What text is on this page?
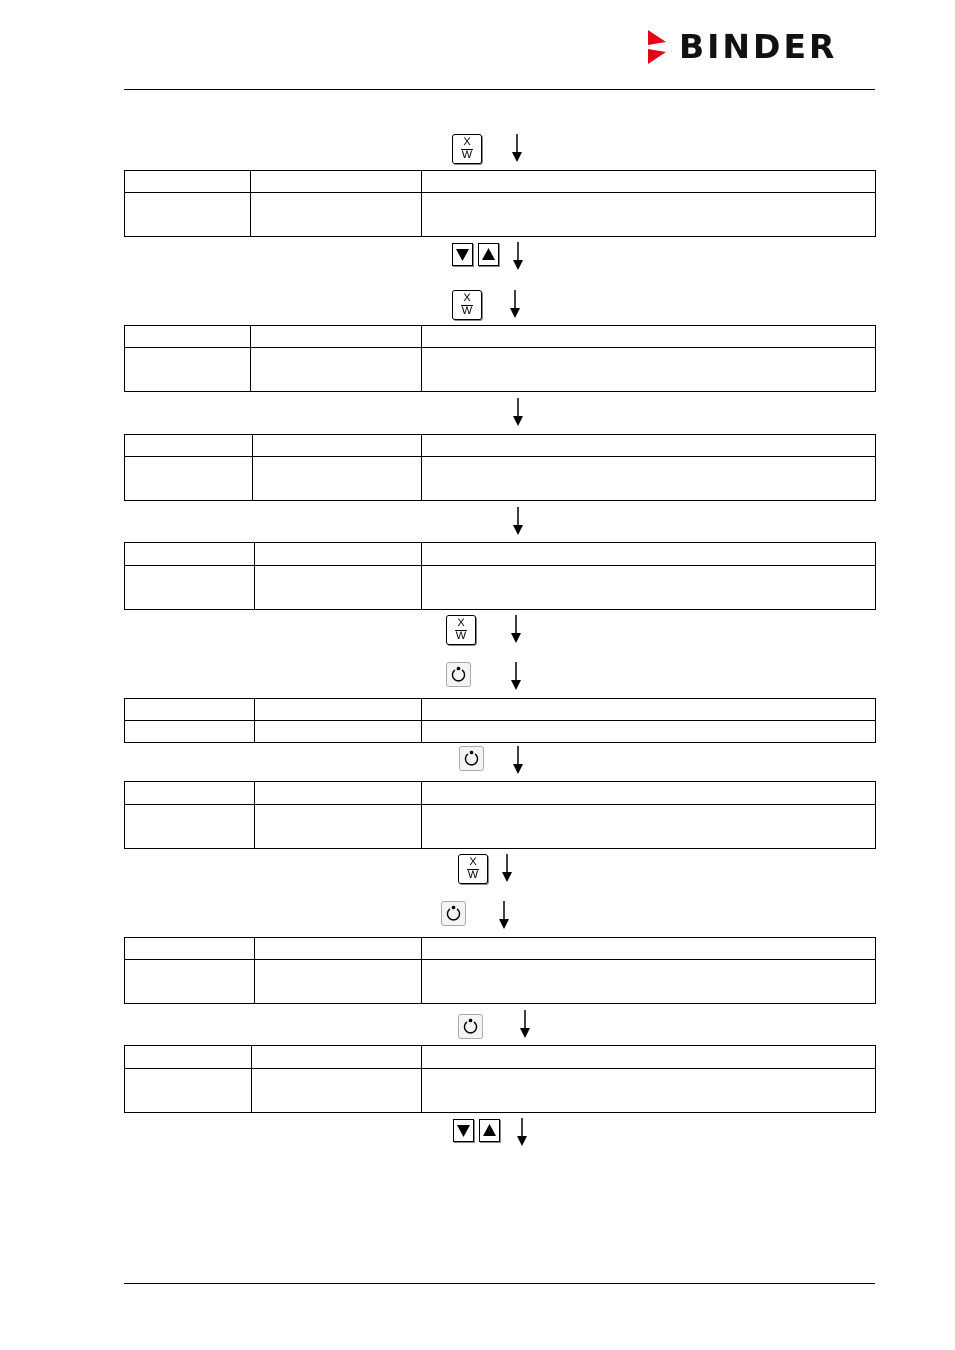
BINDER
X
W

X
W

X
W

X
W
